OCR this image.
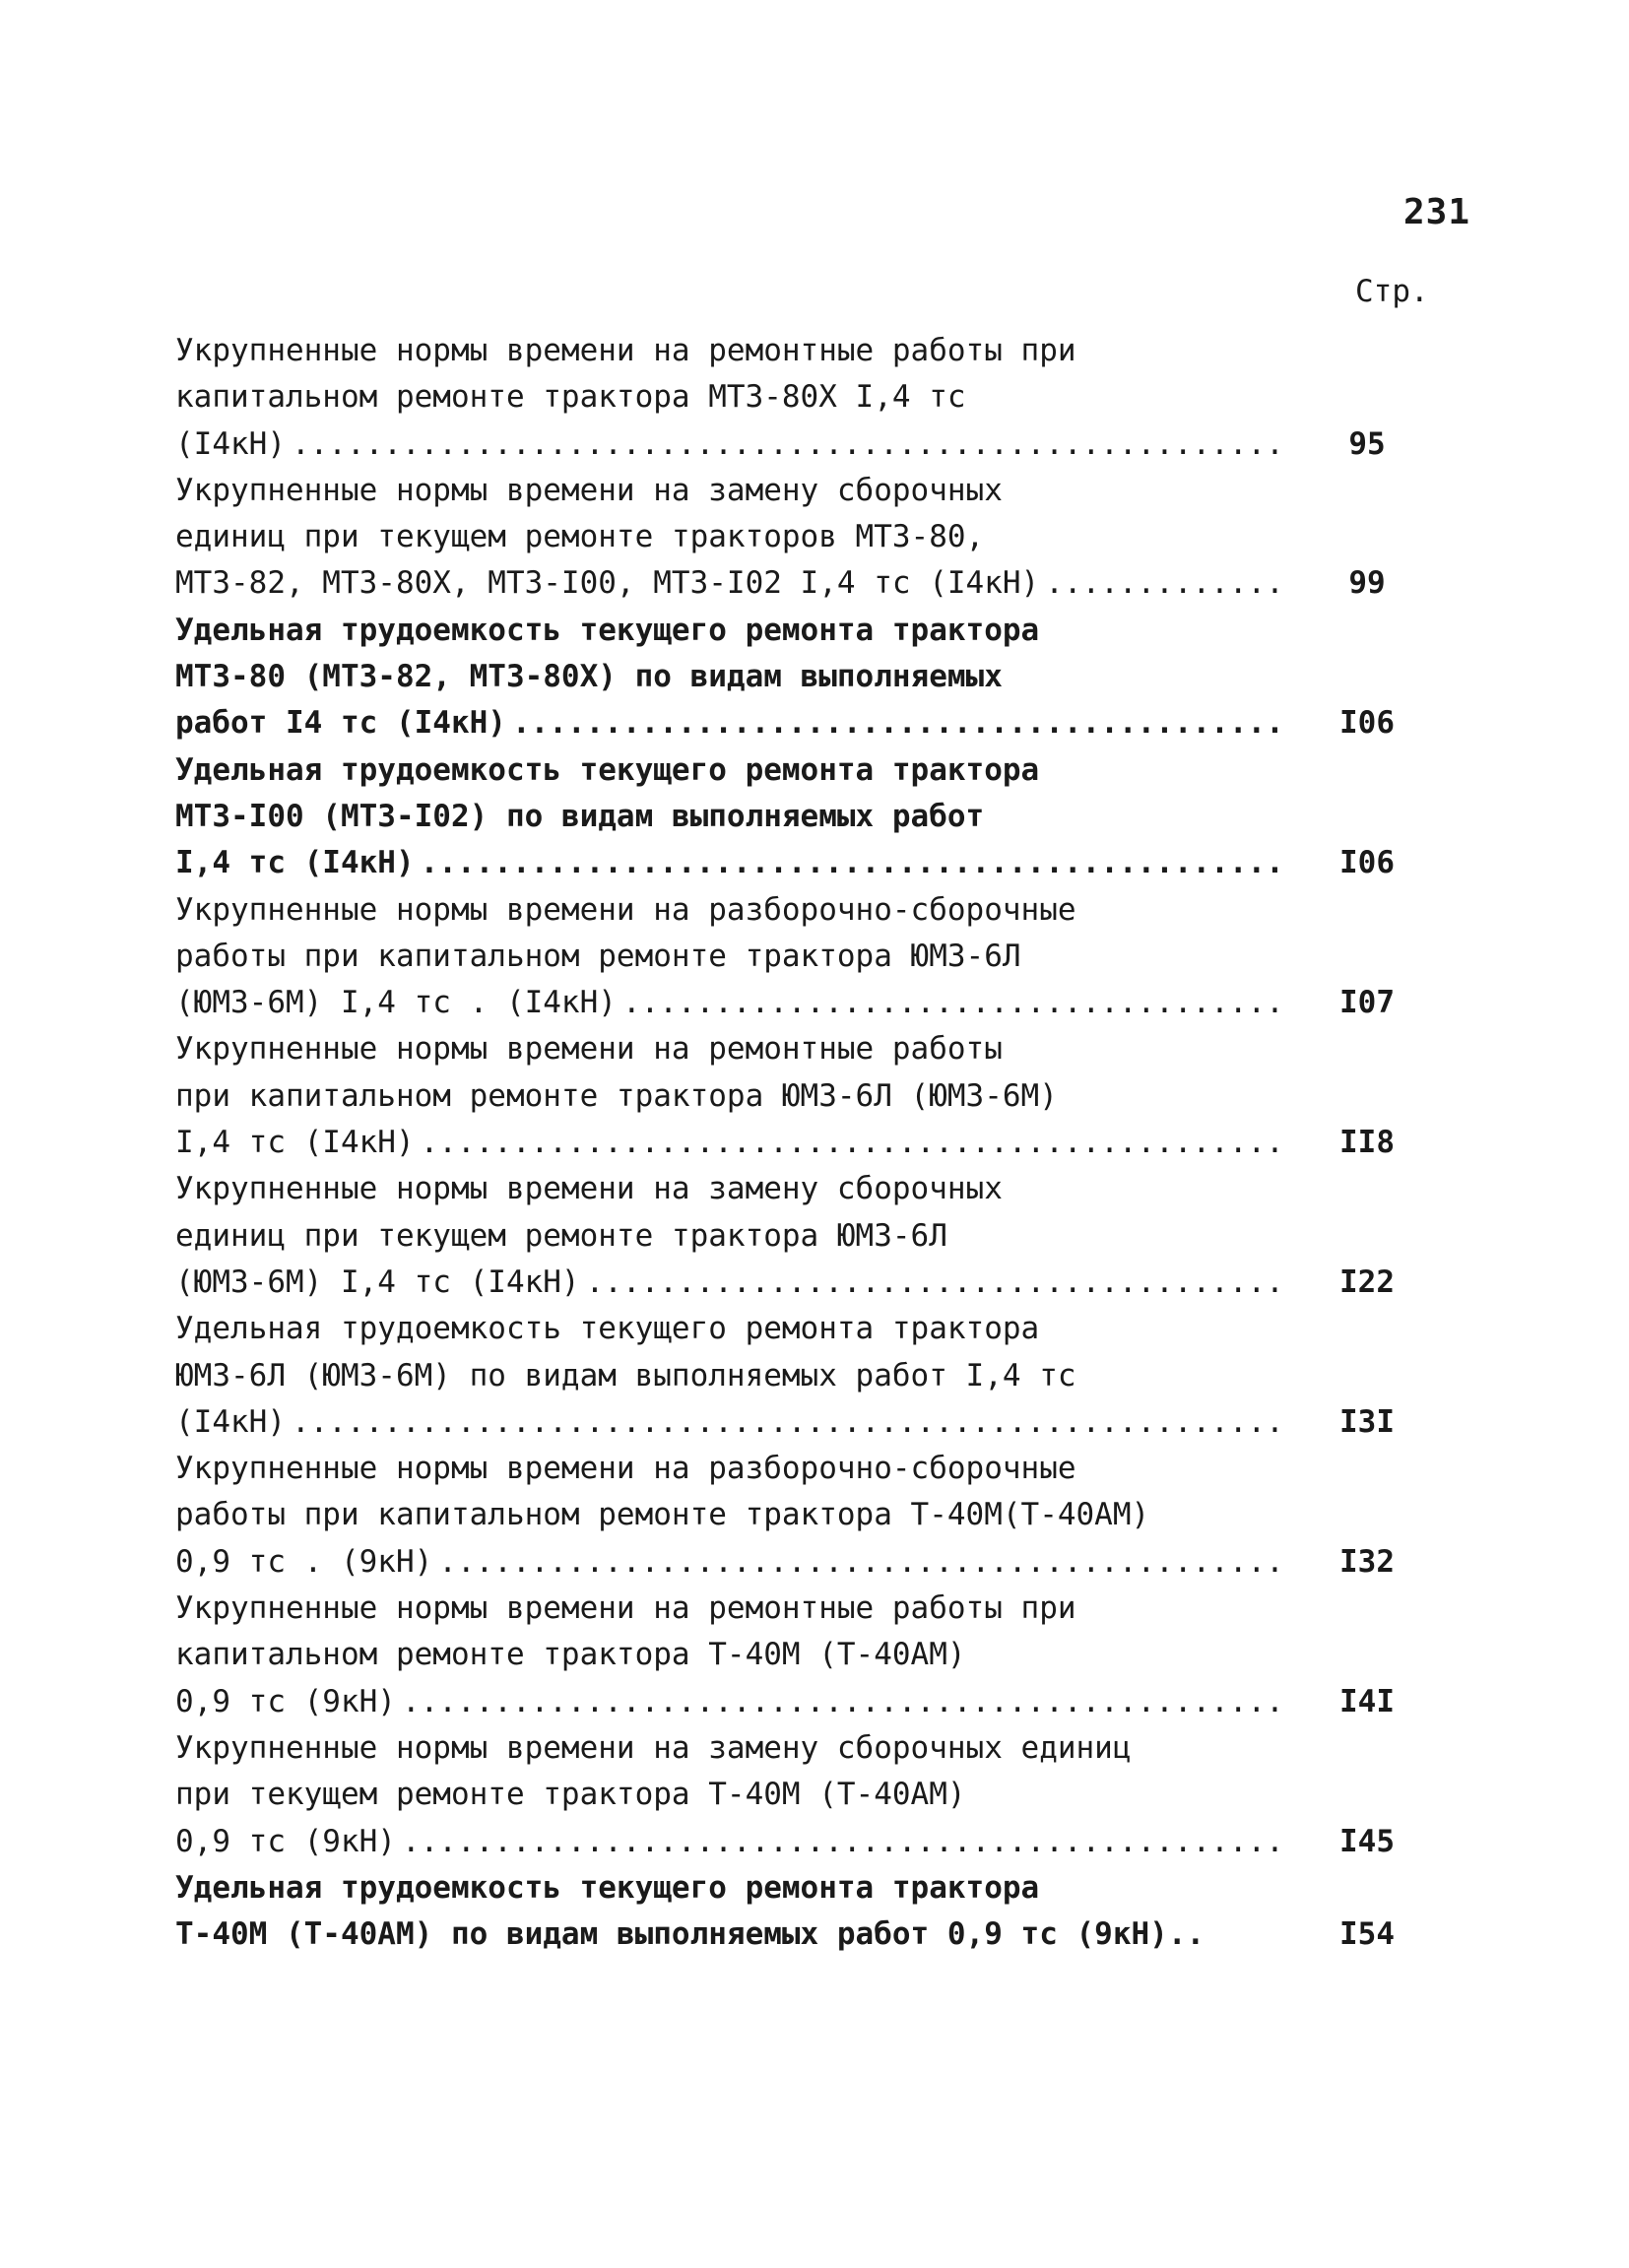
231
Стр.
Укрупненные нормы времени на ремонтные работы при
капитальном ремонте трактора МТЗ-80Х I,4 тс
(I4кН) .....	95
Укрупненные нормы времени на замену сборочных
единиц при текущем ремонте тракторов МТЗ-80,
МТЗ-82, МТЗ-80Х, МТЗ-I00, МТЗ-I02 I,4 тс (I4кН) .....	99
Удельная трудоемкость текущего ремонта трактора
МТЗ-80 (МТЗ-82, МТЗ-80Х) по видам выполняемых
работ I4 тс (I4кН) .....	I06
Удельная трудоемкость текущего ремонта трактора
МТЗ-I00 (МТЗ-I02) по видам выполняемых работ
I,4 тс (I4кН) .....	I06
Укрупненные нормы времени на разборочно-сборочные
работы при капитальном ремонте трактора ЮМЗ-6Л
(ЮМЗ-6М) I,4 тс . (I4кН) .....	I07
Укрупненные нормы времени на ремонтные работы
при капитальном ремонте трактора ЮМЗ-6Л (ЮМЗ-6М)
I,4 тс (I4кН) .....	II8
Укрупненные нормы времени на замену сборочных
единиц при текущем ремонте трактора ЮМЗ-6Л
(ЮМЗ-6М) I,4 тс (I4кН) .....	I22
Удельная трудоемкость текущего ремонта трактора
ЮМЗ-6Л (ЮМЗ-6М) по видам выполняемых работ I,4 тс
(I4кН) .....	I3I
Укрупненные нормы времени на разборочно-сборочные
работы при капитальном ремонте трактора Т-40М(Т-40АМ)
0,9 тс . (9кН) .....	I32
Укрупненные нормы времени на ремонтные работы при
капитальном ремонте трактора Т-40М (Т-40АМ)
0,9 тс (9кН) .....	I4I
Укрупненные нормы времени на замену сборочных единиц
при текущем ремонте трактора Т-40М (Т-40АМ)
0,9 тс (9кН) .....	I45
Удельная трудоемкость текущего ремонта трактора
Т-40М (Т-40АМ) по видам выполняемых работ 0,9 тс (9кН)..	I54
